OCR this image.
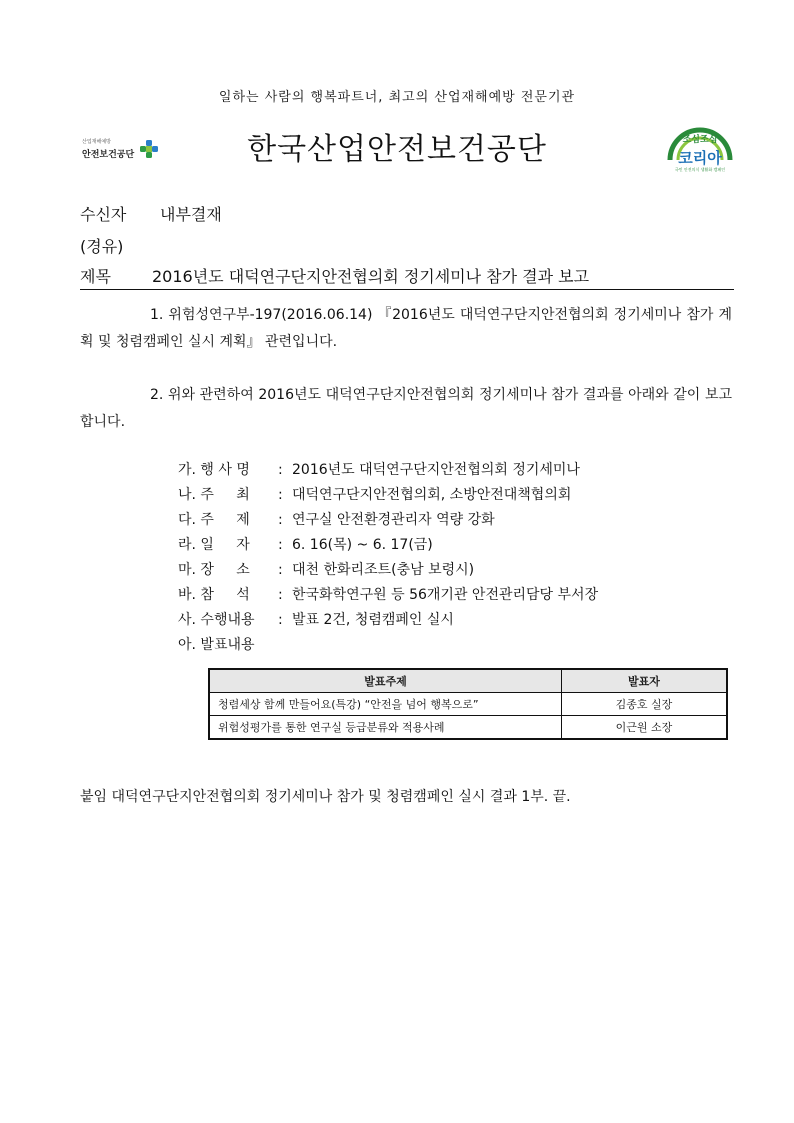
일하는 사람의 행복파트너, 최고의 산업재해예방 전문기관
산업재해예방
안전보건공단	한국산업안전보건공단	조심조심
코리아
국민 안전의식 생활화 캠페인
수신자 내부결재
(경유)
제목	2016년도 대덕연구단지안전협의회 정기세미나 참가 결과 보고
1. 위험성연구부-197(2016.06.14) 『2016년도 대덕연구단지안전협의회 정기세미나 참가 계획 및 청렴캠페인 실시 계획』 관련입니다.
2. 위와 관련하여 2016년도 대덕연구단지안전협의회 정기세미나 참가 결과를 아래와 같이 보고합니다.
가. 행 사 명 : 2016년도 대덕연구단지안전협의회 정기세미나
나. 주     최 : 대덕연구단지안전협의회, 소방안전대책협의회
다. 주     제 : 연구실 안전환경관리자 역량 강화
라. 일     자 : 6. 16(목) ~ 6. 17(금)
마. 장     소 : 대천 한화리조트(충남 보령시)
바. 참     석 : 한국화학연구원 등 56개기관 안전관리담당 부서장
사. 수행내용 : 발표 2건, 청렴캠페인 실시
아. 발표내용
발표주제	발표자
청렴세상 함께 만들어요(특강) “안전을 넘어 행복으로”	김종호 실장
위험성평가를 통한 연구실 등급분류와 적용사례	이근원 소장
붙임 대덕연구단지안전협의회 정기세미나 참가 및 청렴캠페인 실시 결과 1부. 끝.
